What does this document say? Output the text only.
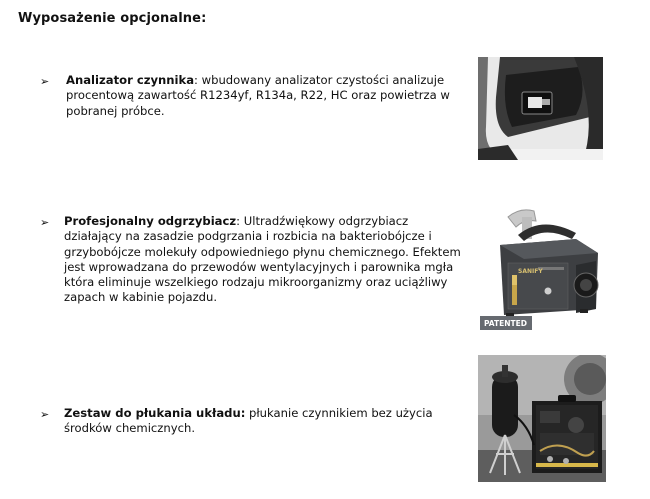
Wyposażenie opcjonalne:
➢ Analizator czynnika: wbudowany analizator czystości analizuje procentową zawartość R1234yf, R134a, R22, HC oraz powietrza w pobranej próbce.
➢ Profesjonalny odgrzybiacz: Ultradźwiękowy odgrzybiacz działający na zasadzie podgrzania i rozbicia na bakteriobójcze i grzybobójcze molekuły odpowiedniego płynu chemicznego. Efektem jest wprowadzana do przewodów wentylacyjnych i parownika mgła która eliminuje wszelkiego rodzaju mikroorganizmy oraz uciążliwy zapach w kabinie pojazdu.
SANIFY
PATENTED
➢ Zestaw do płukania układu: płukanie czynnikiem bez użycia środków chemicznych.
